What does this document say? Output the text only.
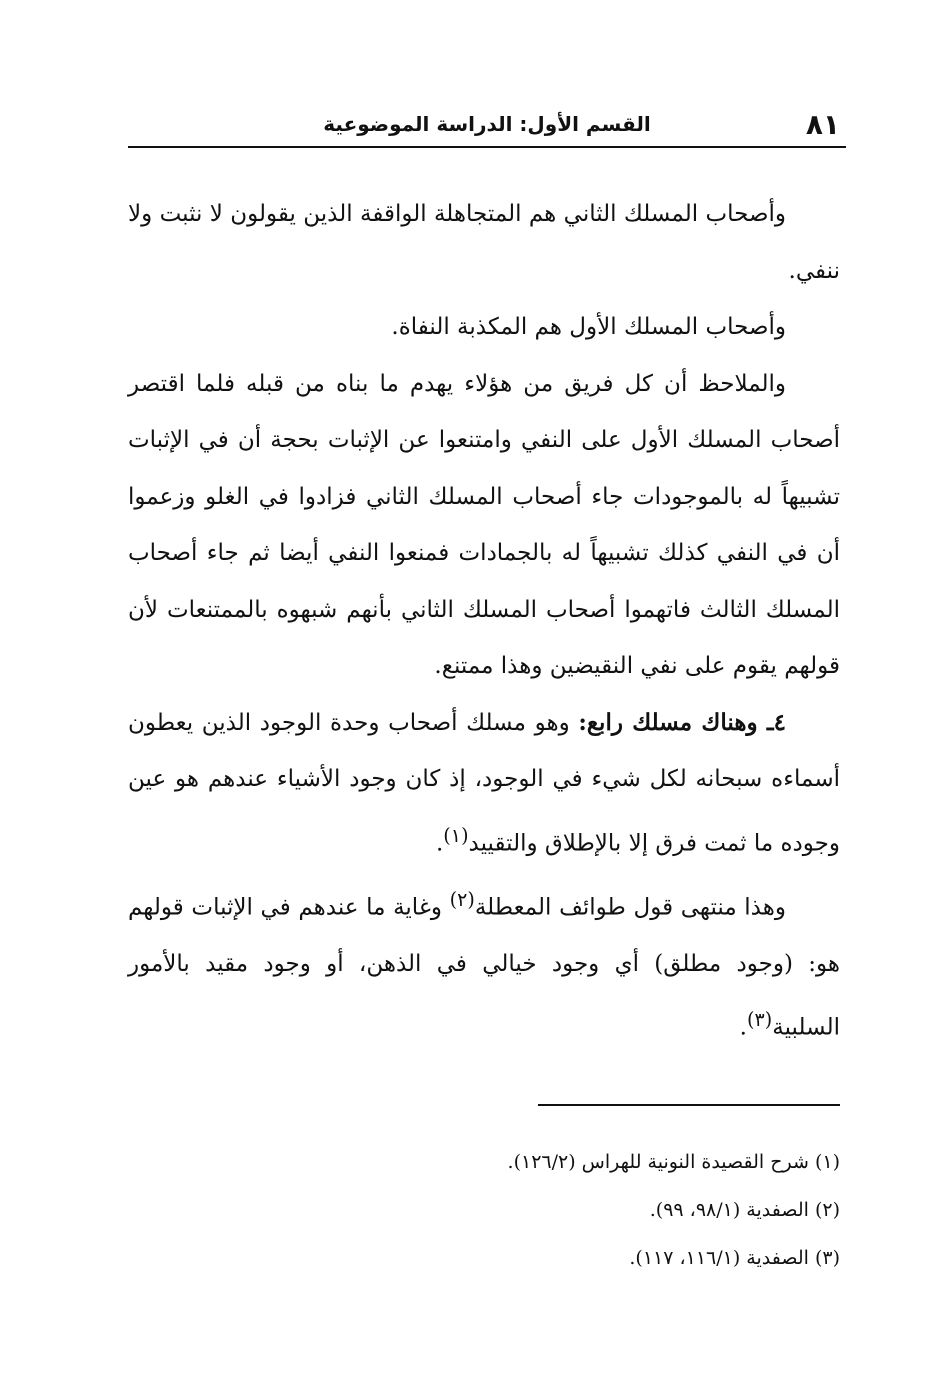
٨١
القسم الأول: الدراسة الموضوعية

وأصحاب المسلك الثاني هم المتجاهلة الواقفة الذين يقولون لا نثبت ولا ننفي.

وأصحاب المسلك الأول هم المكذبة النفاة.

والملاحظ أن كل فريق من هؤلاء يهدم ما بناه من قبله فلما اقتصر أصحاب المسلك الأول على النفي وامتنعوا عن الإثبات بحجة أن في الإثبات تشبيهاً له بالموجودات جاء أصحاب المسلك الثاني فزادوا في الغلو وزعموا أن في النفي كذلك تشبيهاً له بالجمادات فمنعوا النفي أيضا ثم جاء أصحاب المسلك الثالث فاتهموا أصحاب المسلك الثاني بأنهم شبهوه بالممتنعات لأن قولهم يقوم على نفي النقيضين وهذا ممتنع.

٤ـ وهناك مسلك رابع: وهو مسلك أصحاب وحدة الوجود الذين يعطون أسماءه سبحانه لكل شيء في الوجود، إذ كان وجود الأشياء عندهم هو عين وجوده ما ثمت فرق إلا بالإطلاق والتقييد$^{(١)}$.

وهذا منتهى قول طوائف المعطلة$^{(٢)}$ وغاية ما عندهم في الإثبات قولهم هو: (وجود مطلق) أي وجود خيالي في الذهن، أو وجود مقيد بالأمور السلبية$^{(٣)}$.

(١) شرح القصيدة النونية للهراس (١٢٦/٢).

(٢) الصفدية (٩٨/١، ٩٩).

(٣) الصفدية (١١٦/١، ١١٧).
